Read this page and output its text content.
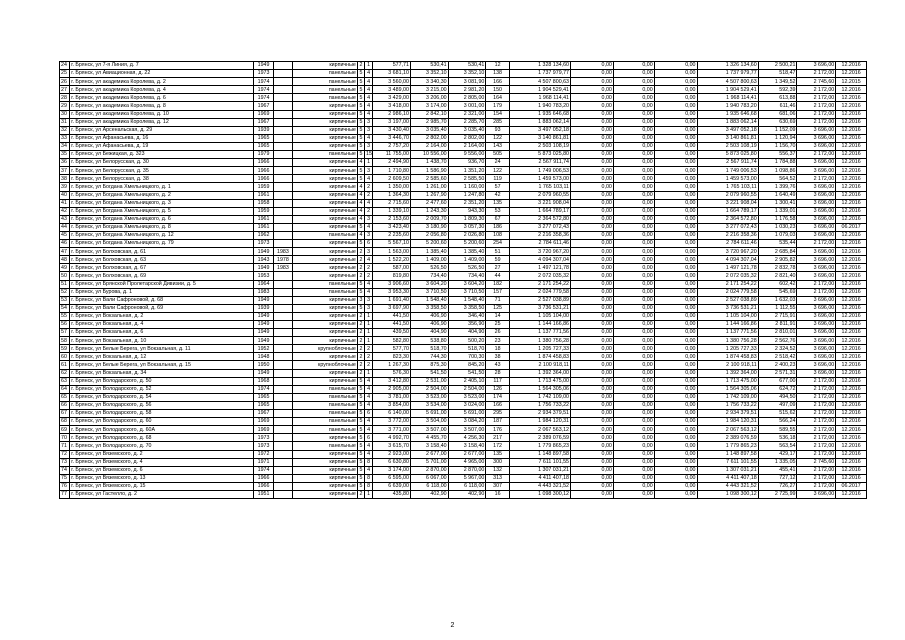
24	г. Брянск, ул 7-я Линия, д. 7	1949		кирпичные	2	1	577,71	530,41	530,41	12	1 328 134,60	0,00	0,00	0,00	1 326 134,60	2 500,21	3 696,00	12.2016
25	г. Брянск, ул Авиационная, д. 22	1973		панельные	5	4	3 681,10	3 352,10	3 352,10	138	1 737 979,77	0,00	0,00	0,00	1 737 979,77	518,47	2 172,00	12.2016
26	г. Брянск, ул академика Королева, д. 2	1974		панельные	5	4	3 560,00	3 340,30	3 081,90	166	4 507 800,63	0,00	0,00	0,00	4 507 800,63	1 349,52	2 745,60	12.2015
27	г. Брянск, ул академика Королева, д. 4	1974		панельные	5	4	3 489,00	3 215,00	2 981,20	150	1 904 529,41	0,00	0,00	0,00	1 904 529,41	592,39	2 172,00	12.2016
28	г. Брянск, ул академика Королева, д. 6	1974		панельные	5	4	3 429,00	3 206,00	2 805,00	164	1 968 114,41	0,00	0,00	0,00	1 968 114,41	613,88	2 172,00	12.2016
29	г. Брянск, ул академика Королева, д. 8	1967		кирпичные	5	4	3 418,00	3 174,00	3 001,00	179	1 940 783,20	0,00	0,00	0,00	1 940 783,20	611,46	2 172,00	12.2016
30	г. Брянск, ул академика Королева, д. 10	1969		кирпичные	5	4	2 986,10	2 842,10	2 321,00	154	1 935 646,68	0,00	0,00	0,00	1 935 646,68	681,06	2 172,00	12.2016
31	г. Брянск, ул академика Королева, д. 12	1967		кирпичные	5	3	3 197,00	2 985,70	2 285,70	285	1 883 062,14	0,00	0,00	0,00	1 883 062,14	630,69	2 172,00	12.2016
32	г. Брянск, ул Арсенальская, д. 29	1939		кирпичные	5	3	3 430,40	3 035,40	3 035,40	93	3 497 052,18	0,00	0,00	0,00	3 497 052,18	1 152,09	3 696,00	12.2016
33	г. Брянск, ул Афанасьева, д. 16	1965		кирпичные	5	4	3 446,70	2 802,00	2 802,00	122	3 140 861,81	0,00	0,00	0,00	3 140 861,81	1 120,94	3 696,00	12.2016
34	г. Брянск, ул Афанасьева, д. 19	1965		кирпичные	5	3	2 757,20	2 164,00	2 164,00	143	2 503 108,19	0,00	0,00	0,00	2 503 108,19	1 156,70	3 696,00	12.2016
35	г. Брянск, ул Бежицкая, д. 323	1979		панельные	5	15	11 755,00	10 556,00	9 556,00	505	5 873 025,80	0,00	0,00	0,00	5 873 025,80	556,37	2 172,00	12.2016
36	г. Брянск, ул Белорусская, д. 30	1966		кирпичные	4	1	2 494,90	1 438,70	936,70	24	2 567 911,74	0,00	0,00	0,00	2 567 911,74	1 784,88	3 696,00	12.2016
37	г. Брянск, ул Белорусская, д. 35	1966		кирпичные	5	3	1 710,80	1 586,90	1 351,20	122	1 749 006,53	0,00	0,00	0,00	1 749 006,53	1 098,86	3 696,00	12.2016
38	г. Брянск, ул Белорусская, д. 38	1966		кирпичные	5	4	2 609,50	2 585,60	2 585,50	119	1 459 573,00	0,00	0,00	0,00	1 459 573,00	564,52	2 172,00	12.2016
39	г. Брянск, ул Богдана Хмельницкого, д. 1	1959		кирпичные	4	2	1 350,00	1 261,00	1 160,00	57	1 765 103,11	0,00	0,00	0,00	1 765 103,11	1 399,76	3 696,00	12.2016
40	г. Брянск, ул Богдана Хмельницкого, д. 2	1961		кирпичные	4	2	1 364,30	1 267,90	1 247,80	42	2 079 960,55	0,00	0,00	0,00	2 079 960,55	1 640,49	3 696,00	12.2016
41	г. Брянск, ул Богдана Хмельницкого, д. 3	1958		кирпичные	4	4	2 715,60	2 477,60	2 351,20	135	3 221 908,04	0,00	0,00	0,00	3 221 908,04	1 300,41	3 696,00	12.2016
42	г. Брянск, ул Богдана Хмельницкого, д. 5	1959		кирпичные	4	2	1 339,10	1 243,30	943,30	53	1 664 789,17	0,00	0,00	0,00	1 664 789,17	1 339,01	3 696,00	12.2016
43	г. Брянск, ул Богдана Хмельницкого, д. 6	1961		кирпичные	4	3	2 153,60	2 009,70	1 809,30	67	2 364 572,80	0,00	0,00	0,00	2 364 572,80	1 176,58	3 696,00	12.2016
44	г. Брянск, ул Богдана Хмельницкого, д. 8	1961		кирпичные	5	4	3 423,40	3 180,90	3 057,30	186	3 277 072,43	0,00	0,00	0,00	3 277 072,43	1 030,23	3 696,00	06.2017
45	г. Брянск, ул Богдана Хмельницкого, д. 12	1962		панельные	4	3	2 235,60	2 056,80	2 026,80	108	2 216 358,36	0,00	0,00	0,00	2 216 358,36	1 079,03	3 696,00	12.2016
46	г. Брянск, ул Богдана Хмельницкого, д. 79	1973		кирпичные	5	6	5 567,10	5 200,60	5 200,60	254	2 784 611,46	0,00	0,00	0,00	2 784 611,46	535,44	2 172,00	12.2016
47	г. Брянск, ул Болховская, д. 61	1949	1983	кирпичные	2	3	1 563,00	1 385,40	1 385,40	51	3 720 967,20	0,00	0,00	0,00	3 720 967,20	2 685,84	3 696,00	12.2016
48	г. Брянск, ул Болховская, д. 63	1943	1978	кирпичные	2	4	1 522,20	1 409,00	1 409,00	59	4 094 307,04	0,00	0,00	0,00	4 094 307,04	2 905,82	3 696,00	12.2016
49	г. Брянск, ул Болховская, д. 67	1949	1983	кирпичные	2	2	587,00	526,50	526,50	27	1 497 121,78	0,00	0,00	0,00	1 497 121,78	2 832,78	3 696,00	12.2016
50	г. Брянск, ул Болховская, д. 69	1953		кирпичные	2	2	819,80	734,40	734,40	44	2 072 035,32	0,00	0,00	0,00	2 072 035,32	2 821,40	3 696,00	12.2016
51	г. Брянск, ул Брянской Пролетарской Дивизии, д. 5	1964		панельные	5	4	3 906,60	3 604,20	3 604,20	182	2 171 254,22	0,00	0,00	0,00	2 171 254,22	602,42	2 172,00	12.2016
52	г. Брянск, ул Бурова, д. 1	1983		панельные	5	4	3 953,30	3 710,50	3 710,50	157	2 024 779,58	0,00	0,00	0,00	2 024 779,58	545,69	2 172,00	12.2016
53	г. Брянск, ул Вали Сафроновой, д. 68	1949		кирпичные	3	3	1 691,40	1 548,40	1 548,40	71	2 527 038,89	0,00	0,00	0,00	2 527 038,89	1 632,03	3 696,00	12.2016
54	г. Брянск, ул Вали Сафроновой, д. 69	1939		кирпичные	5	3	3 697,90	3 358,50	3 358,50	125	3 736 531,21	0,00	0,00	0,00	3 736 531,21	1 112,55	3 696,00	12.2016
55	г. Брянск, ул Вокзальная, д. 2	1949		кирпичные	2	1	441,50	406,90	346,40	14	1 105 104,00	0,00	0,00	0,00	1 105 104,00	2 715,91	3 696,00	12.2016
56	г. Брянск, ул Вокзальная, д. 4	1949		кирпичные	2	1	441,50	406,90	356,90	25	1 144 166,86	0,00	0,00	0,00	1 144 166,86	2 811,91	3 696,00	12.2016
57	г. Брянск, ул Вокзальная, д. 6	1949		кирпичные	2	1	439,50	404,90	404,90	26	1 137 771,56	0,00	0,00	0,00	1 137 771,56	2 810,01	3 696,00	12.2016
58	г. Брянск, ул Вокзальная, д. 10	1949		кирпичные	2	1	582,80	538,80	500,20	23	1 380 756,28	0,00	0,00	0,00	1 380 756,28	2 562,76	3 696,00	12.2016
59	г. Брянск, ул Белые Берега, ул Вокзальная, д. 11	1952		крупноблочные	2	2	577,70	518,70	518,70	18	1 205 727,33	0,00	0,00	0,00	1 205 727,33	2 324,52	3 696,00	12.2016
60	г. Брянск, ул Вокзальная, д. 12	1948		кирпичные	2	2	823,30	744,30	700,30	38	1 874 458,83	0,00	0,00	0,00	1 874 458,83	2 518,42	3 696,00	12.2016
61	г. Брянск, ул Белые Берега, ул Вокзальная, д. 15	1950		крупноблочные	2	2	1 267,30	875,30	845,20	43	2 100 918,11	0,00	0,00	0,00	2 100 918,11	2 400,23	3 696,00	12.2016
62	г. Брянск, ул Вокзальная, д. 34	1949		кирпичные	2	1	576,30	541,50	541,50	28	1 392 364,00	0,00	0,00	0,00	1 392 364,00	2 571,31	3 696,00	12.2016
63	г. Брянск, ул Володарского, д. 50	1968		кирпичные	5	4	3 412,80	2 531,00	2 405,10	117	1 713 475,00	0,00	0,00	0,00	1 713 475,00	677,00	2 172,00	12.2016
64	г. Брянск, ул Володарского, д. 52	1974		панельные	5	4	2 905,00	2 504,00	2 504,00	126	1 564 305,06	0,00	0,00	0,00	1 564 305,06	624,72	2 172,00	12.2016
65	г. Брянск, ул Володарского, д. 54	1965		панельные	5	4	3 781,00	3 523,00	3 523,00	174	1 742 109,00	0,00	0,00	0,00	1 742 109,00	494,50	2 172,00	12.2016
66	г. Брянск, ул Володарского, д. 56	1965		панельные	5	4	3 854,00	3 534,00	3 024,00	166	1 756 733,22	0,00	0,00	0,00	1 756 733,22	497,09	2 172,00	12.2016
67	г. Брянск, ул Володарского, д. 58	1967		панельные	5	6	6 140,00	5 691,00	5 691,00	295	2 934 379,51	0,00	0,00	0,00	2 934 379,51	515,62	2 172,00	12.2016
68	г. Брянск, ул Володарского, д. 60	1969		панельные	5	4	3 772,00	3 504,00	3 084,20	187	1 984 120,31	0,00	0,00	0,00	1 984 120,31	566,24	2 172,00	12.2016
69	г. Брянск, ул Володарского, д. 60А	1969		панельные	5	4	3 771,00	3 507,00	3 507,00	176	2 067 563,12	0,00	0,00	0,00	2 067 563,12	589,55	2 172,00	12.2016
70	г. Брянск, ул Володарского, д. 68	1973		кирпичные	5	6	4 992,70	4 455,70	4 256,30	217	2 389 076,59	0,00	0,00	0,00	2 389 076,59	536,18	2 172,00	12.2016
71	г. Брянск, ул Володарского, д. 70	1973		панельные	5	4	3 615,70	3 158,40	3 158,40	172	1 779 865,23	0,00	0,00	0,00	1 779 865,23	563,54	2 172,00	12.2016
72	г. Брянск, ул Вяземского, д. 2	1972		кирпичные	5	4	2 923,00	2 677,00	2 677,00	135	1 148 897,58	0,00	0,00	0,00	1 148 897,58	429,17	2 172,00	12.2016
73	г. Брянск, ул Вяземского, д. 4	1971		кирпичные	5	8	6 630,80	5 701,00	4 965,00	300	7 611 101,55	0,00	0,00	0,00	7 611 101,55	1 335,05	2 745,60	12.2016
74	г. Брянск, ул Вяземского, д. 6	1974		кирпичные	5	4	3 174,00	2 870,00	2 870,00	132	1 307 031,21	0,00	0,00	0,00	1 307 031,21	455,41	2 172,00	12.2016
75	г. Брянск, ул Вяземского, д. 13	1966		кирпичные	5	8	6 595,00	6 067,00	5 967,00	313	4 411 407,18	0,00	0,00	0,00	4 411 407,18	727,12	2 172,00	12.2016
76	г. Брянск, ул Вяземского, д. 15	1966		кирпичные	5	8	6 639,00	6 118,00	6 118,00	307	4 443 321,52	0,00	0,00	0,00	4 443 321,52	726,27	2 172,00	06.2017
77	г. Брянск, ул Гастелло, д. 2	1951		кирпичные	2	1	435,80	402,90	402,90	16	1 098 300,12	0,00	0,00	0,00	1 098 300,12	2 725,99	3 696,00	12.2016
2
